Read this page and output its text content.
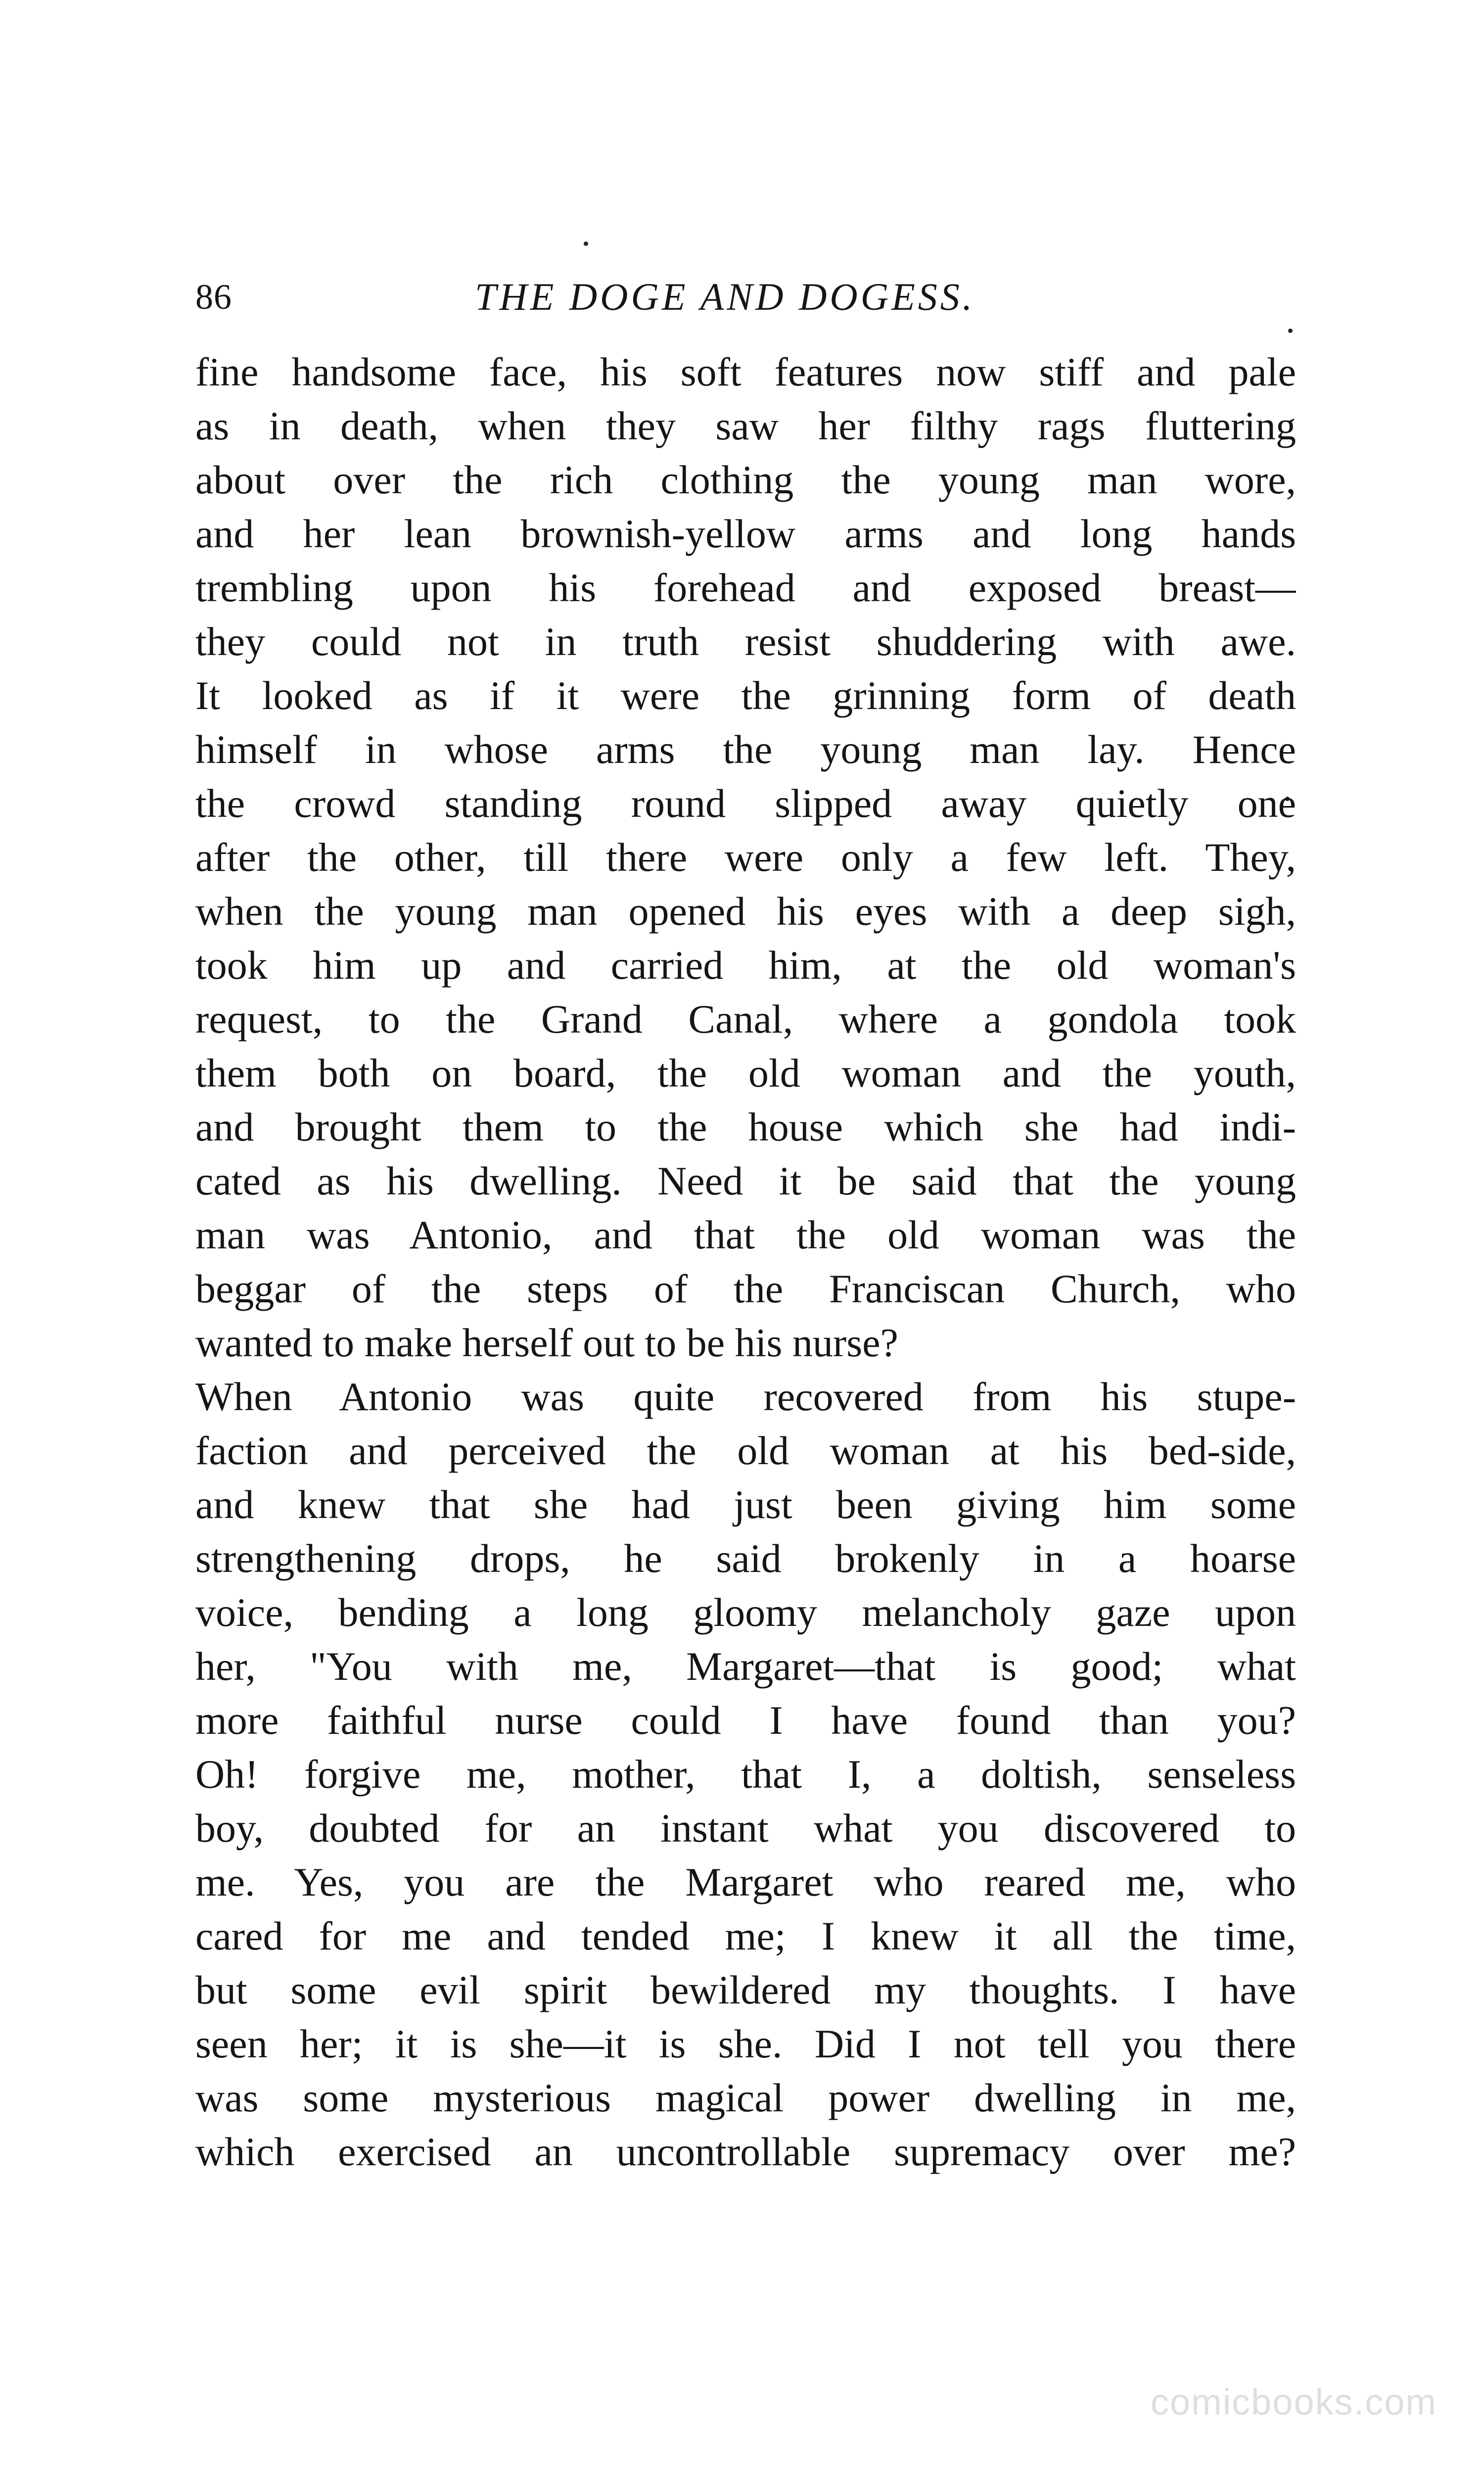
86	THE DOGE AND DOGESS.
fine handsome face, his soft features now stiff and pale
as in death, when they saw her filthy rags fluttering
about over the rich clothing the young man wore,
and her lean brownish-yellow arms and long hands
trembling upon his forehead and exposed breast—
they could not in truth resist shuddering with awe.
It looked as if it were the grinning form of death
himself in whose arms the young man lay. Hence
the crowd standing round slipped away quietly one
after the other, till there were only a few left. They,
when the young man opened his eyes with a deep sigh,
took him up and carried him, at the old woman's
request, to the Grand Canal, where a gondola took
them both on board, the old woman and the youth,
and brought them to the house which she had indi-
cated as his dwelling. Need it be said that the young
man was Antonio, and that the old woman was the
beggar of the steps of the Franciscan Church, who
wanted to make herself out to be his nurse?
When Antonio was quite recovered from his stupe-
faction and perceived the old woman at his bed-side,
and knew that she had just been giving him some
strengthening drops, he said brokenly in a hoarse
voice, bending a long gloomy melancholy gaze upon
her, "You with me, Margaret—that is good; what
more faithful nurse could I have found than you?
Oh! forgive me, mother, that I, a doltish, senseless
boy, doubted for an instant what you discovered to
me. Yes, you are the Margaret who reared me, who
cared for me and tended me; I knew it all the time,
but some evil spirit bewildered my thoughts. I have
seen her; it is she—it is she. Did I not tell you there
was some mysterious magical power dwelling in me,
which exercised an uncontrollable supremacy over me?
comicbooks.com
